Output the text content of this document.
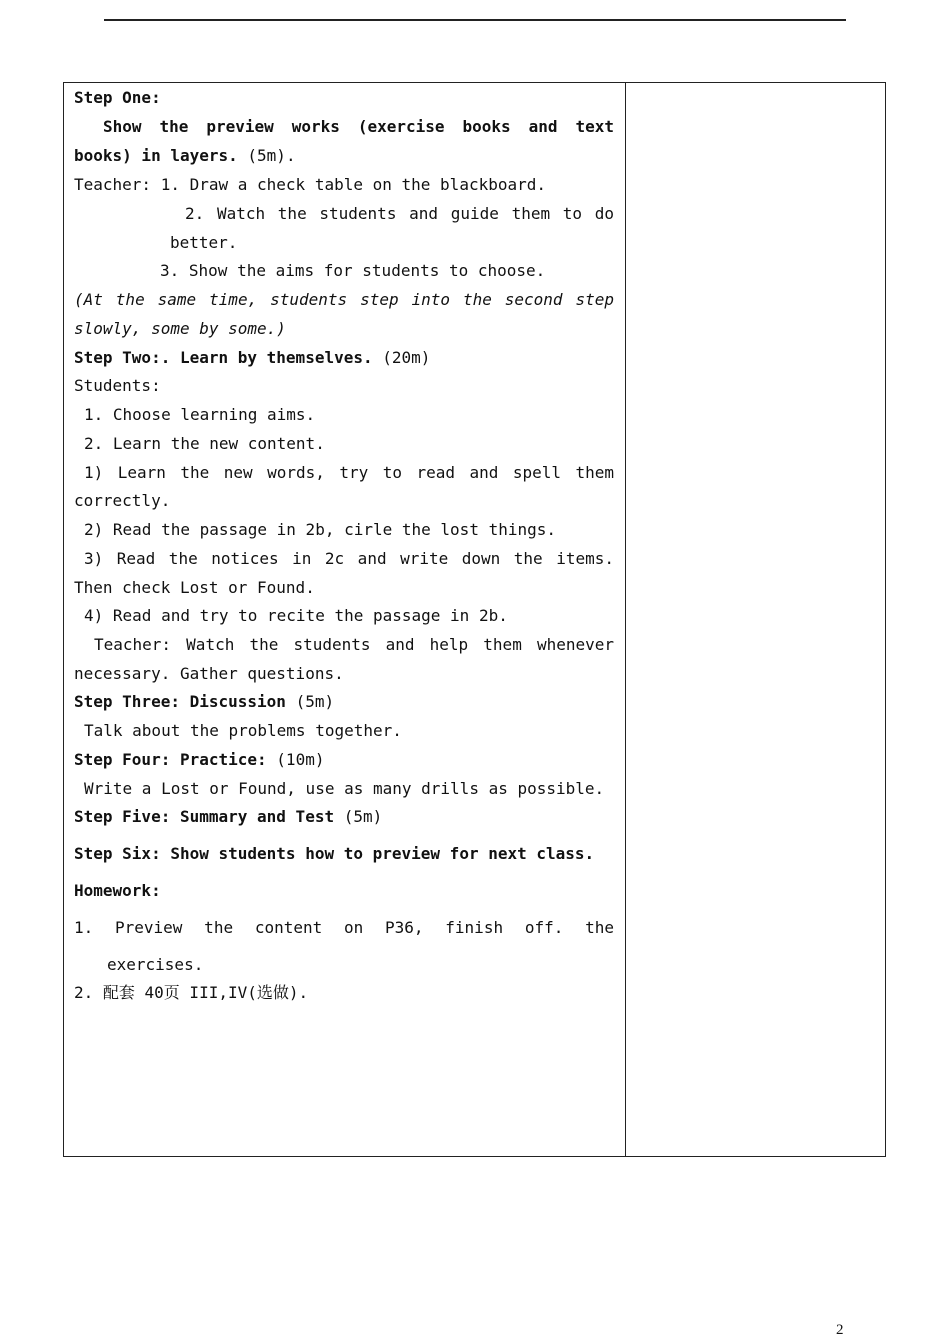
Step One:
Show the preview works (exercise books and text
books) in layers. (5m).
Teacher: 1. Draw a check table on the blackboard.
2. Watch the students and guide them to do
better.
3. Show the aims for students to choose.
(At the same time, students step into the second step
slowly, some by some.)
Step Two:. Learn by themselves. (20m)
Students:
1. Choose learning aims.
2. Learn the new content.
1) Learn the new words, try to read and spell them
correctly.
2) Read the passage in 2b, cirle the lost things.
3) Read the notices in 2c and write down the items.
Then check Lost or Found.
4) Read and try to recite the passage in 2b.
Teacher: Watch the students and help them whenever
necessary. Gather questions.
Step Three: Discussion (5m)
Talk about the problems together.
Step Four: Practice: (10m)
Write a Lost or Found, use as many drills as possible.
Step Five: Summary and Test (5m)
Step Six: Show students how to preview for next class.
Homework:
1. Preview the content on P36, finish off. the
exercises.
2. 配套 40页 III,IV(选做).
2
